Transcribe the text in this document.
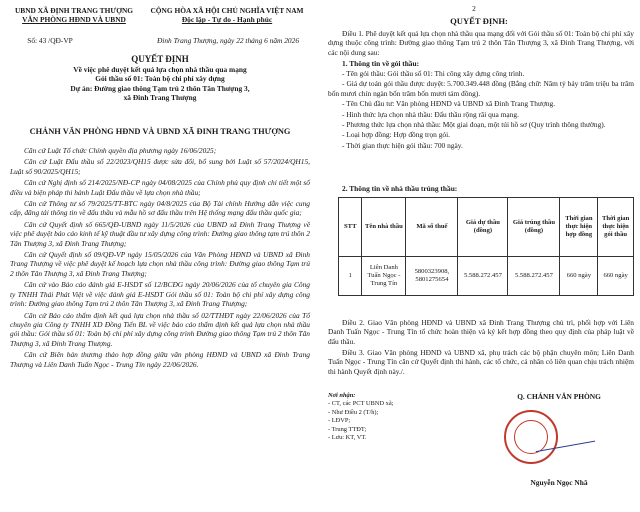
UBND XÃ ĐỊNH TRANG THƯỢNG
VĂN PHÒNG HĐND VÀ UBND
Số: 43 /QĐ-VP
CỘNG HÒA XÃ HỘI CHỦ NGHĨA VIỆT NAM
Độc lập - Tự do - Hạnh phúc
Đinh Trang Thượng, ngày 22 tháng 6 năm 2026
QUYẾT ĐỊNH
Về việc phê duyệt kết quả lựa chọn nhà thầu qua mạng
Gói thầu số 01: Toàn bộ chi phí xây dựng
Dự án: Đường giao thông Tạm trú 2 thôn Tân Thượng 3,
xã Đinh Trang Thượng
CHÁNH VĂN PHÒNG HĐND VÀ UBND XÃ ĐINH TRANG THƯỢNG

Căn cứ Luật Tổ chức Chính quyền địa phương ngày 16/06/2025;

Căn cứ Luật Đấu thầu số 22/2023/QH15 được sửa đổi, bổ sung bởi Luật số 57/2024/QH15, Luật số 90/2025/QH15;

Căn cứ Nghị định số 214/2025/NĐ-CP ngày 04/08/2025 của Chính phủ quy định chi tiết một số điều và biện pháp thi hành Luật Đấu thầu về lựa chọn nhà thầu;

Căn cứ Thông tư số 79/2025/TT-BTC ngày 04/8/2025 của Bộ Tài chính Hướng dẫn việc cung cấp, đăng tải thông tin về đấu thầu và mẫu hồ sơ đấu thầu trên Hệ thống mạng đấu thầu quốc gia;

Căn cứ Quyết định số 665/QĐ-UBND ngày 11/5/2026 của UBND xã Đinh Trang Thượng về việc phê duyệt báo cáo kinh tế kỹ thuật đầu tư xây dựng công trình: Đường giao thông tạm trú thôn 2 Tân Thượng 3, xã Đinh Trang Thượng;

Căn cứ Quyết định số 09/QĐ-VP ngày 15/05/2026 của Văn Phòng HĐND và UBND xã Đinh Trang Thượng về việc phê duyệt kế hoạch lựa chọn nhà thầu công trình: Đường giao thông Tạm trú 2 thôn Tân Thượng 3, xã Đinh Trang Thượng;

Căn cứ vào Báo cáo đánh giá E-HSDT số 12/BCĐG ngày 20/06/2026 của tổ chuyên gia Công ty TNHH Thái Phát Việt về việc đánh giá E-HSDT Gói thầu số 01: Toàn bộ chi phí xây dựng công trình: Đường giao thông Tạm trú 2 thôn Tân Thượng 3, xã Đinh Trang Thượng;

Căn cứ Báo cáo thẩm định kết quả lựa chọn nhà thầu số 02/TTHĐT ngày 22/06/2026 của Tổ chuyên gia Công ty TNHH XD Đồng Tiến BL về việc báo cáo thẩm định kết quả lựa chọn nhà thầu gói thầu: Gói thầu số 01: Toàn bộ chi phí xây dựng công trình Đường giao thông Tạm trú 2 thôn Tân Thượng 3, xã Đinh Trang Thượng.

Căn cứ Biên bản thương thảo hợp đồng giữa văn phòng HĐND và UBND xã Đinh Trang Thượng và Liên Danh Tuấn Ngọc - Trung Tín ngày 22/06/2026.

2
QUYẾT ĐỊNH:
Điều 1. Phê duyệt kết quả lựa chọn nhà thầu qua mạng đối với Gói thầu số 01: Toàn bộ chi phí xây dựng thuộc công trình: Đường giao thông Tạm trú 2 thôn Tân Thượng 3, xã Đinh Trang Thượng, với các nội dung sau:
1. Thông tin về gói thầu:

- Tên gói thầu: Gói thầu số 01: Thi công xây dựng công trình.

- Giá dự toán gói thầu được duyệt: 5.700.349.448 đồng (Bằng chữ: Năm tỷ bảy trăm triệu ba trăm bốn mươi chín ngàn bốn trăm bốn mươi tám đồng).

- Tên Chủ đầu tư: Văn phòng HĐND và UBND xã Đinh Trang Thượng.

- Hình thức lựa chọn nhà thầu: Đấu thầu rộng rãi qua mạng.

- Phương thức lựa chọn nhà thầu: Một giai đoạn, một túi hồ sơ (Quy trình thông thường).

- Loại hợp đồng: Hợp đồng trọn gói.

- Thời gian thực hiện gói thầu: 700 ngày.

2. Thông tin về nhà thầu trúng thầu:
STT	Tên nhà thầu	Mã số thuế	Giá dự thầu (đồng)	Giá trúng thầu (đồng)	Thời gian thực hiện hợp đồng	Thời gian thực hiện gói thầu
1	Liên Danh Tuấn Ngọc - Trung Tín	5800323908, 5801275654	5.588.272.457	5.588.272.457	660 ngày	660 ngày
Điều 2. Giao Văn phòng HĐND và UBND xã Đinh Trang Thượng chủ trì, phối hợp với Liên Danh Tuấn Ngọc - Trung Tín tổ chức hoàn thiện và ký kết hợp đồng theo quy định của pháp luật về đấu thầu.
Điều 3. Giao Văn phòng HĐND và UBND xã, phụ trách các bộ phận chuyên môn; Liên Danh Tuấn Ngọc - Trung Tín căn cứ Quyết định thi hành, các tổ chức, cá nhân có liên quan chịu trách nhiệm thi hành Quyết định này./.
Nơi nhận:
- CT, các PCT UBND xã;
- Như Điều 2 (T/h);
- LĐVP;
- Trung TTĐT;
- Lưu: KT, VT.
Q. CHÁNH VĂN PHÒNG
Nguyễn Ngọc Nhã
